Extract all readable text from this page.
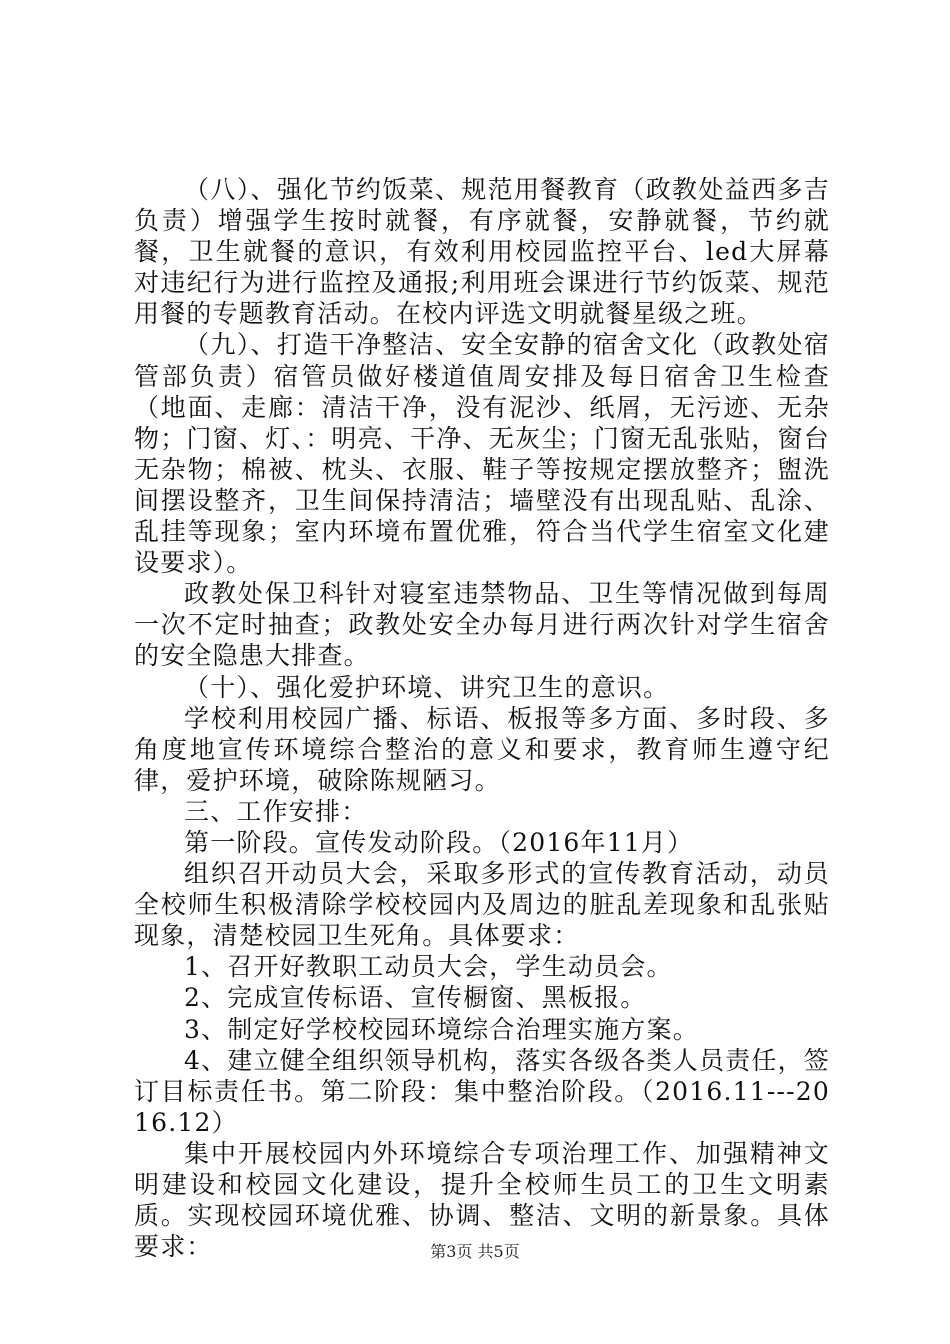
（八）、强化节约饭菜、规范用餐教育（政教处益西多吉负责）增强学生按时就餐，有序就餐，安静就餐，节约就餐，卫生就餐的意识，有效利用校园监控平台、led大屏幕对违纪行为进行监控及通报;利用班会课进行节约饭菜、规范用餐的专题教育活动。在校内评选文明就餐星级之班。

（九）、打造干净整洁、安全安静的宿舍文化（政教处宿管部负责）宿管员做好楼道值周安排及每日宿舍卫生检查（地面、走廊：清洁干净，没有泥沙、纸屑，无污迹、无杂物；门窗、灯、：明亮、干净、无灰尘；门窗无乱张贴，窗台无杂物；棉被、枕头、衣服、鞋子等按规定摆放整齐；盥洗间摆设整齐，卫生间保持清洁；墙壁没有出现乱贴、乱涂、乱挂等现象；室内环境布置优雅，符合当代学生宿室文化建设要求）。

政教处保卫科针对寝室违禁物品、卫生等情况做到每周一次不定时抽查；政教处安全办每月进行两次针对学生宿舍的安全隐患大排查。

（十）、强化爱护环境、讲究卫生的意识。

学校利用校园广播、标语、板报等多方面、多时段、多角度地宣传环境综合整治的意义和要求，教育师生遵守纪律，爱护环境，破除陈规陋习。

三、工作安排：

第一阶段。宣传发动阶段。（2016年11月）

组织召开动员大会，采取多形式的宣传教育活动，动员全校师生积极清除学校校园内及周边的脏乱差现象和乱张贴现象，清楚校园卫生死角。具体要求：

1、召开好教职工动员大会，学生动员会。

2、完成宣传标语、宣传橱窗、黑板报。

3、制定好学校校园环境综合治理实施方案。

4、建立健全组织领导机构，落实各级各类人员责任，签订目标责任书。第二阶段：集中整治阶段。（2016.11---2016.12）

集中开展校园内外环境综合专项治理工作、加强精神文明建设和校园文化建设，提升全校师生员工的卫生文明素质。实现校园环境优雅、协调、整洁、文明的新景象。具体要求：	第3页 共5页
